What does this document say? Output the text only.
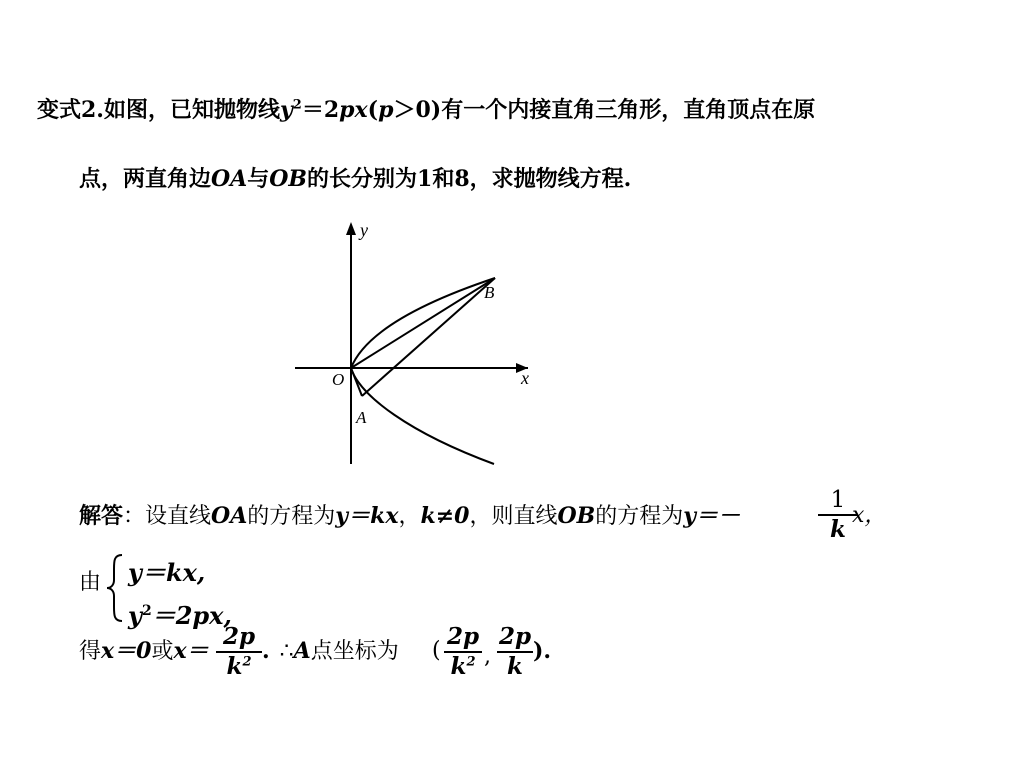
变式2.如图，已知抛物线$y^2=2px(p>0)$有一个内接直角三角形，直角顶点在原
点，两直角边OA与OB的长分别为1和8，求抛物线方程.
y
x
O
A
B
解答：设直线OA的方程为y＝kx，k≠0，则直线OB的方程为y＝－
1
k
x，
由 y＝kx,
$y^2=2px$,
得x＝0或x＝
2p
$k^2$ . ∴A点坐标为 (
2p
$k^2$ ,
2p
k
).
